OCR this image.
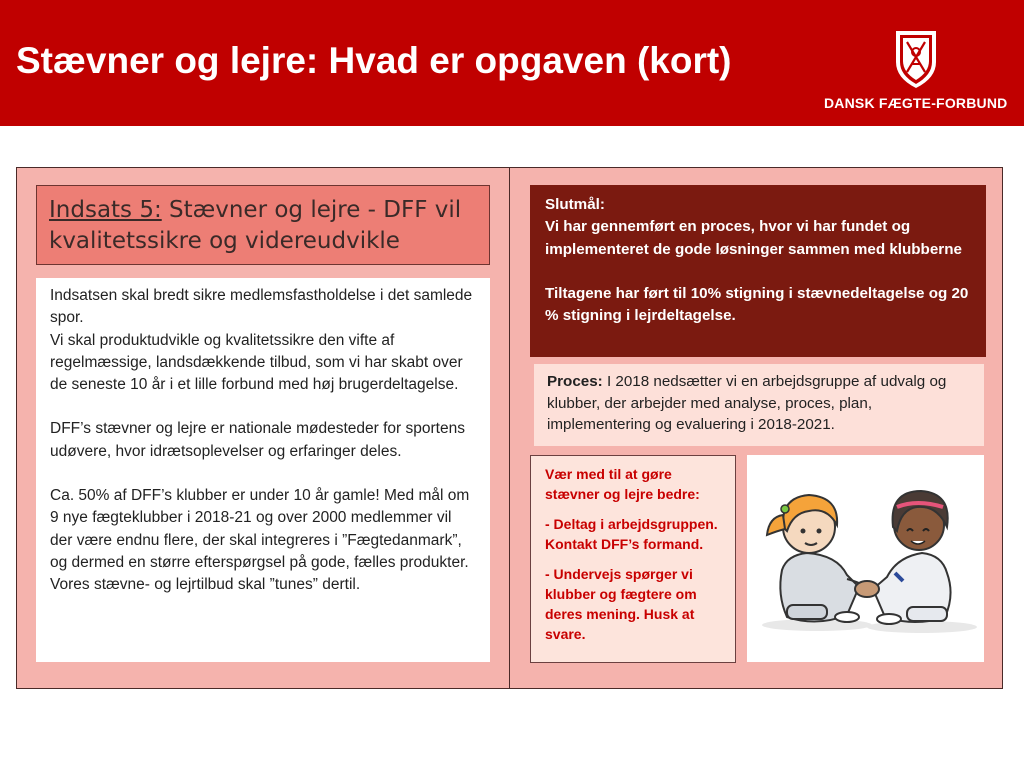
Stævner og lejre: Hvad er opgaven (kort)
DANSK FÆGTE-FORBUND
Indsats 5: Stævner og lejre - DFF vil kvalitetssikre og videreudvikle

Indsatsen skal bredt sikre medlemsfastholdelse i det samlede spor.
Vi skal produktudvikle og kvalitetssikre den vifte af regelmæssige, landsdækkende tilbud, som vi har skabt over de seneste 10 år i et lille forbund med høj brugerdeltagelse.

DFF’s stævner og lejre er nationale mødesteder for sportens udøvere, hvor idrætsoplevelser og erfaringer deles.

Ca. 50% af DFF’s klubber er under 10 år gamle! Med mål om 9 nye fægteklubber i 2018-21 og over 2000 medlemmer vil der være endnu flere, der skal integreres i ”Fægtedanmark”, og dermed en større efterspørgsel på gode, fælles produkter. Vores stævne- og lejrtilbud skal ”tunes” dertil.

Slutmål:

Vi har gennemført en proces, hvor vi har fundet og implementeret de gode løsninger sammen med klubberne

Tiltagene har ført til 10% stigning i stævnedeltagelse og 20 % stigning i lejrdeltagelse.

Proces: I 2018 nedsætter vi en arbejdsgruppe af udvalg og klubber, der arbejder med analyse, proces, plan, implementering og evaluering i 2018-2021.

Vær med til at gøre stævner og lejre bedre:

- Deltag i arbejdsgruppen. Kontakt DFF’s formand.

- Undervejs spørger vi klubber og fægtere om deres mening. Husk at svare.
